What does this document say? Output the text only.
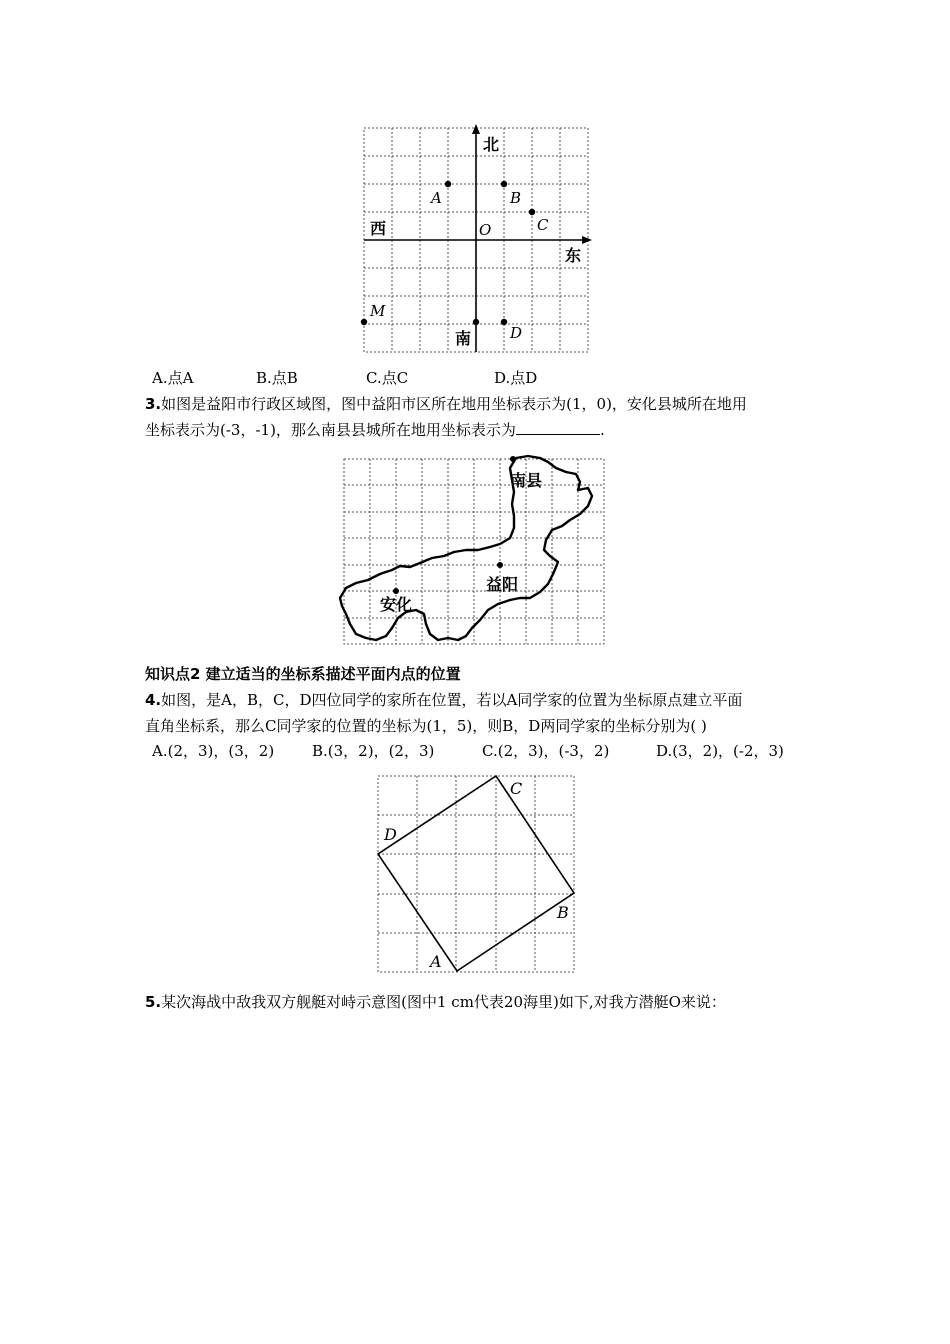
北
西
东
南
O
A	B
C
M
D
A.点A	B.点B	C.点C	D.点D
3.如图是益阳市行政区域图，图中益阳市区所在地用坐标表示为(1，0)，安化县城所在地用
坐标表示为(-3，-1)，那么南县县城所在地用坐标表示为	.
南县
益阳
安化
知识点2 建立适当的坐标系描述平面内点的位置
4.如图，是A，B，C，D四位同学的家所在位置，若以A同学家的位置为坐标原点建立平面
直角坐标系，那么C同学家的位置的坐标为(1，5)，则B，D两同学家的坐标分别为( )
A.(2，3)，(3，2)	B.(3，2)，(2，3)	C.(2，3)，(-3，2)	D.(3，2)，(-2，3)
A
B
C
D
5.某次海战中敌我双方舰艇对峙示意图(图中1 cm代表20海里)如下,对我方潜艇O来说：
